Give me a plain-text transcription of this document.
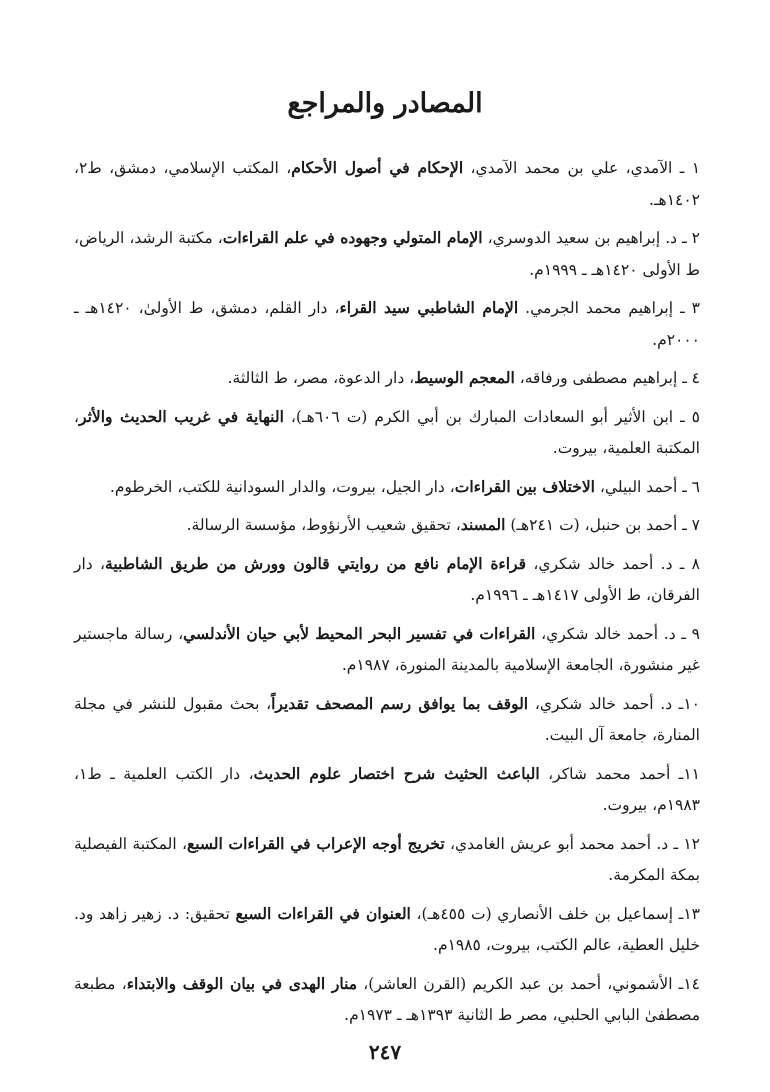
المصادر والمراجع

١ ـ الآمدي، علي بن محمد الآمدي، الإحكام في أصول الأحكام، المكتب الإسلامي، دمشق، ط٢، ١٤٠٢هـ.

٢ ـ د. إبراهيم بن سعيد الدوسري، الإمام المتولي وجهوده في علم القراءات، مكتبة الرشد، الرياض، ط الأولى ١٤٢٠هـ ـ ١٩٩٩م.

٣ ـ إبراهيم محمد الجرمي. الإمام الشاطبي سيد القراء، دار القلم، دمشق، ط الأولىٰ، ١٤٢٠هـ ـ ٢٠٠٠م.

٤ ـ إبراهيم مصطفى ورفاقه، المعجم الوسيط، دار الدعوة، مصر، ط الثالثة.

٥ ـ ابن الأثير أبو السعادات المبارك بن أبي الكرم (ت ٦٠٦هـ)، النهاية في غريب الحديث والأثر، المكتبة العلمية، بيروت.

٦ ـ أحمد البيلي، الاختلاف بين القراءات، دار الجيل، بيروت، والدار السودانية للكتب، الخرطوم.

٧ ـ أحمد بن حنبل، (ت ٢٤١هـ) المسند، تحقيق شعيب الأرنؤوط، مؤسسة الرسالة.

٨ ـ د. أحمد خالد شكري، قراءة الإمام نافع من روايتي قالون وورش من طريق الشاطبية، دار الفرقان، ط الأولى ١٤١٧هـ ـ ١٩٩٦م.

٩ ـ د. أحمد خالد شكري، القراءات في تفسير البحر المحيط لأبي حيان الأندلسي، رسالة ماجستير غير منشورة، الجامعة الإسلامية بالمدينة المنورة، ١٩٨٧م.

١٠ـ د. أحمد خالد شكري، الوقف بما يوافق رسم المصحف تقديراً، بحث مقبول للنشر في مجلة المنارة، جامعة آل البيت.

١١ـ أحمد محمد شاكر، الباعث الحثيث شرح اختصار علوم الحديث، دار الكتب العلمية ـ ط١، ١٩٨٣م، بيروت.

١٢ ـ د. أحمد محمد أبو عريش الغامدي، تخريج أوجه الإعراب في القراءات السبع، المكتبة الفيصلية بمكة المكرمة.

١٣ـ إسماعيل بن خلف الأنصاري (ت ٤٥٥هـ)، العنوان في القراءات السبع تحقيق: د. زهير زاهد ود. خليل العطية، عالم الكتب، بيروت، ١٩٨٥م.

١٤ـ الأشموني، أحمد بن عبد الكريم (القرن العاشر)، منار الهدى في بيان الوقف والابتداء، مطبعة مصطفىٰ البابي الحلبي، مصر ط الثانية ١٣٩٣هـ ـ ١٩٧٣م.

٢٤٧
